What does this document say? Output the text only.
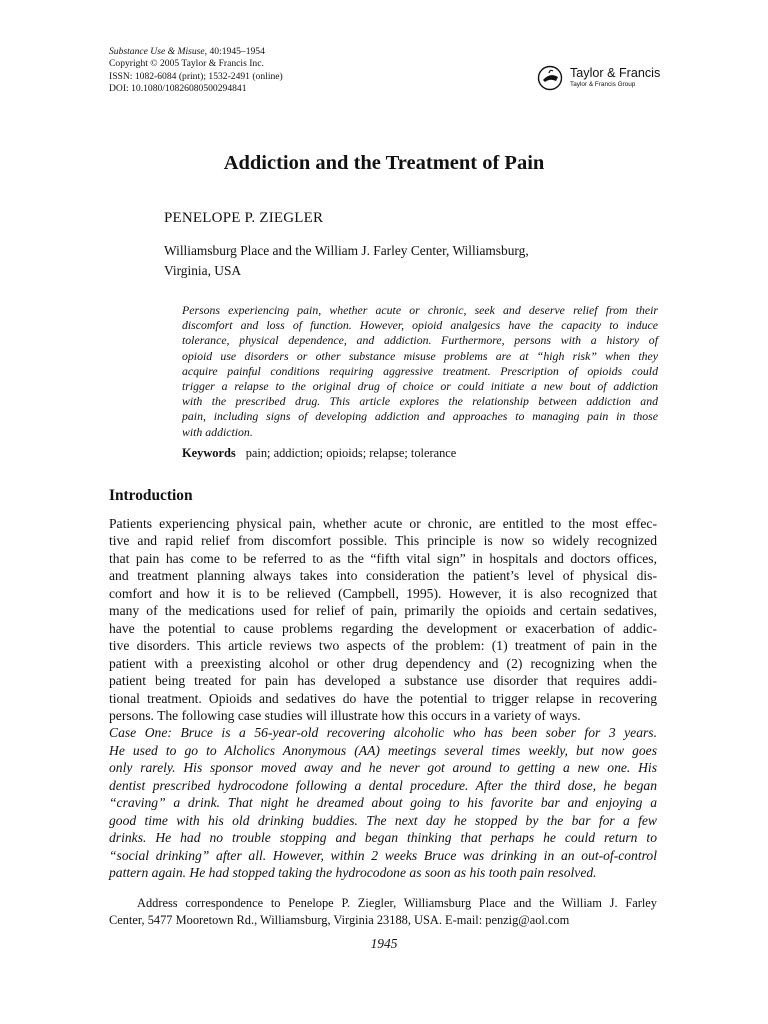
Substance Use & Misuse, 40:1945–1954
Copyright © 2005 Taylor & Francis Inc.
ISSN: 1082-6084 (print); 1532-2491 (online)
DOI: 10.1080/10826080500294841
Taylor & Francis
Taylor & Francis Group
Addiction and the Treatment of Pain
PENELOPE P. ZIEGLER
Williamsburg Place and the William J. Farley Center, Williamsburg,
Virginia, USA
Persons experiencing pain, whether acute or chronic, seek and deserve relief from their
discomfort and loss of function. However, opioid analgesics have the capacity to induce
tolerance, physical dependence, and addiction. Furthermore, persons with a history of
opioid use disorders or other substance misuse problems are at “high risk” when they
acquire painful conditions requiring aggressive treatment. Prescription of opioids could
trigger a relapse to the original drug of choice or could initiate a new bout of addiction
with the prescribed drug. This article explores the relationship between addiction and
pain, including signs of developing addiction and approaches to managing pain in those
with addiction.
Keywords pain; addiction; opioids; relapse; tolerance
Introduction
Patients experiencing physical pain, whether acute or chronic, are entitled to the most effec-
tive and rapid relief from discomfort possible. This principle is now so widely recognized
that pain has come to be referred to as the “fifth vital sign” in hospitals and doctors offices,
and treatment planning always takes into consideration the patient’s level of physical dis-
comfort and how it is to be relieved (Campbell, 1995). However, it is also recognized that
many of the medications used for relief of pain, primarily the opioids and certain sedatives,
have the potential to cause problems regarding the development or exacerbation of addic-
tive disorders. This article reviews two aspects of the problem: (1) treatment of pain in the
patient with a preexisting alcohol or other drug dependency and (2) recognizing when the
patient being treated for pain has developed a substance use disorder that requires addi-
tional treatment. Opioids and sedatives do have the potential to trigger relapse in recovering
persons. The following case studies will illustrate how this occurs in a variety of ways.
Case One: Bruce is a 56-year-old recovering alcoholic who has been sober for 3 years.
He used to go to Alcholics Anonymous (AA) meetings several times weekly, but now goes
only rarely. His sponsor moved away and he never got around to getting a new one. His
dentist prescribed hydrocodone following a dental procedure. After the third dose, he began
“craving” a drink. That night he dreamed about going to his favorite bar and enjoying a
good time with his old drinking buddies. The next day he stopped by the bar for a few
drinks. He had no trouble stopping and began thinking that perhaps he could return to
“social drinking” after all. However, within 2 weeks Bruce was drinking in an out-of-control
pattern again. He had stopped taking the hydrocodone as soon as his tooth pain resolved.
Address correspondence to Penelope P. Ziegler, Williamsburg Place and the William J. Farley
Center, 5477 Mooretown Rd., Williamsburg, Virginia 23188, USA. E-mail: penzig@aol.com
1945
